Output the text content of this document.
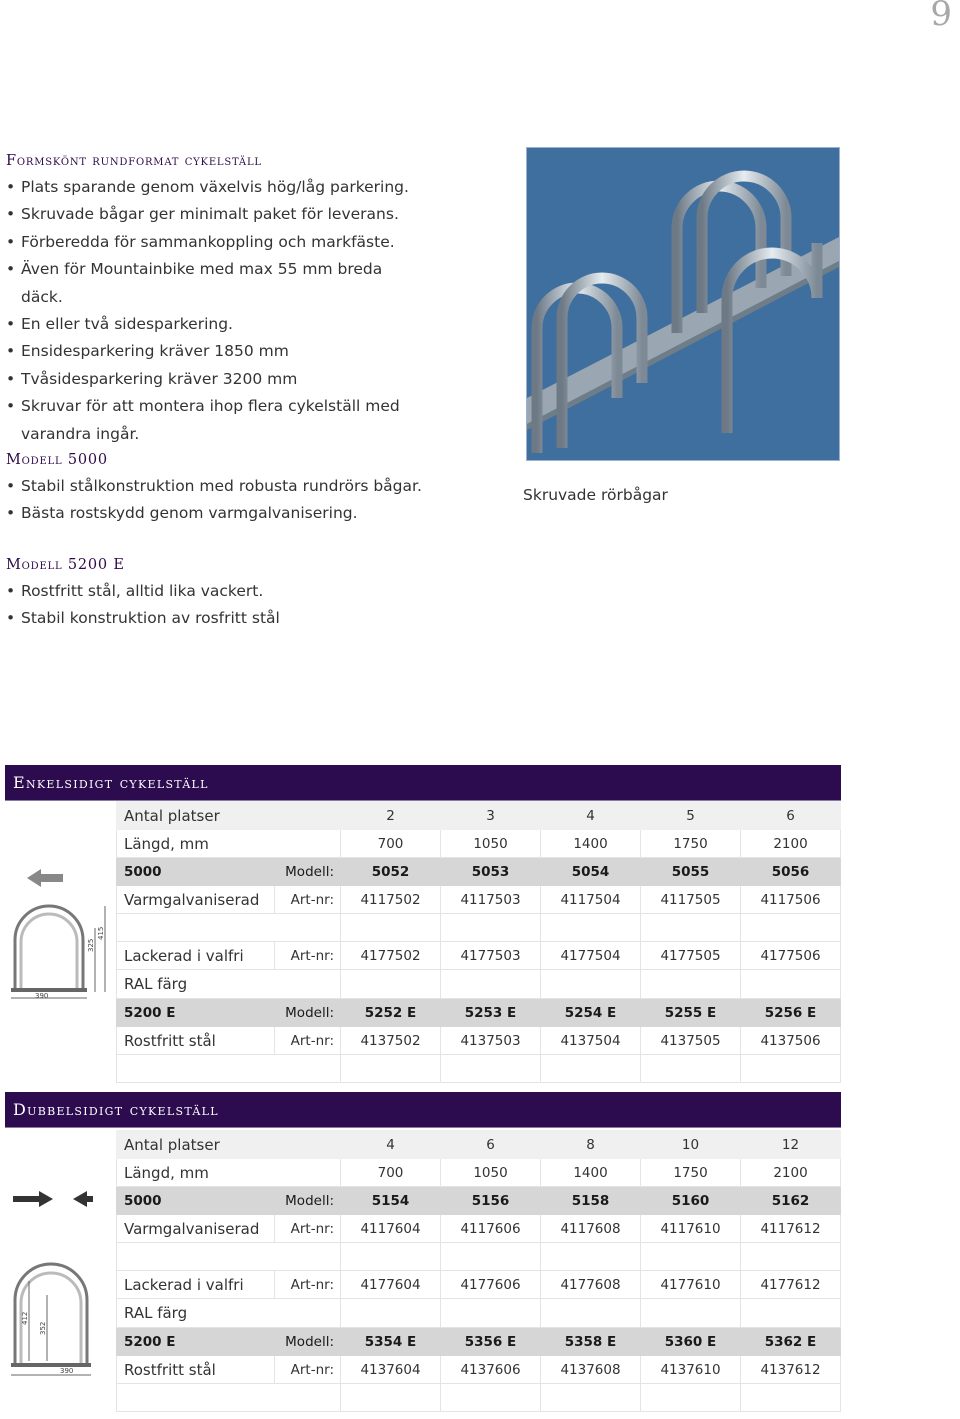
9
Formskönt rundformat cykelställ
• Plats sparande genom växelvis hög/låg parkering.
• Skruvade bågar ger minimalt paket för leverans.
• Förberedda för sammankoppling och markfäste.
• Även för Mountainbike med max 55 mm breda däck.
• En eller två sidesparkering.
• Ensidesparkering kräver 1850 mm
• Tvåsidesparkering kräver 3200 mm
• Skruvar för att montera ihop flera cykelställ med varandra ingår.
Modell 5000
• Stabil stålkonstruktion med robusta rundrörs bågar.
• Bästa rostskydd genom varmgalvanisering.
Modell 5200 E
• Rostfritt stål, alltid lika vackert.
• Stabil konstruktion av rosfritt stål
Skruvade rörbågar
Enkelsidigt cykelställ
Antal platser		2	3	4	5	6
Längd, mm		700	1050	1400	1750	2100
5000	Modell:	5052	5053	5054	5055	5056
Varmgalvaniserad	Art-nr:	4117502	4117503	4117504	4117505	4117506

Lackerad i valfri	Art-nr:	4177502	4177503	4177504	4177505	4177506
RAL färg						
5200 E	Modell:	5252 E	5253 E	5254 E	5255 E	5256 E
Rostfritt stål	Art-nr:	4137502	4137503	4137504	4137505	4137506

325
415
390
Dubbelsidigt cykelställ
Antal platser		4	6	8	10	12
Längd, mm		700	1050	1400	1750	2100
5000	Modell:	5154	5156	5158	5160	5162
Varmgalvaniserad	Art-nr:	4117604	4117606	4117608	4117610	4117612

Lackerad i valfri	Art-nr:	4177604	4177606	4177608	4177610	4177612
RAL färg						
5200 E	Modell:	5354 E	5356 E	5358 E	5360 E	5362 E
Rostfritt stål	Art-nr:	4137604	4137606	4137608	4137610	4137612

412
352
390
